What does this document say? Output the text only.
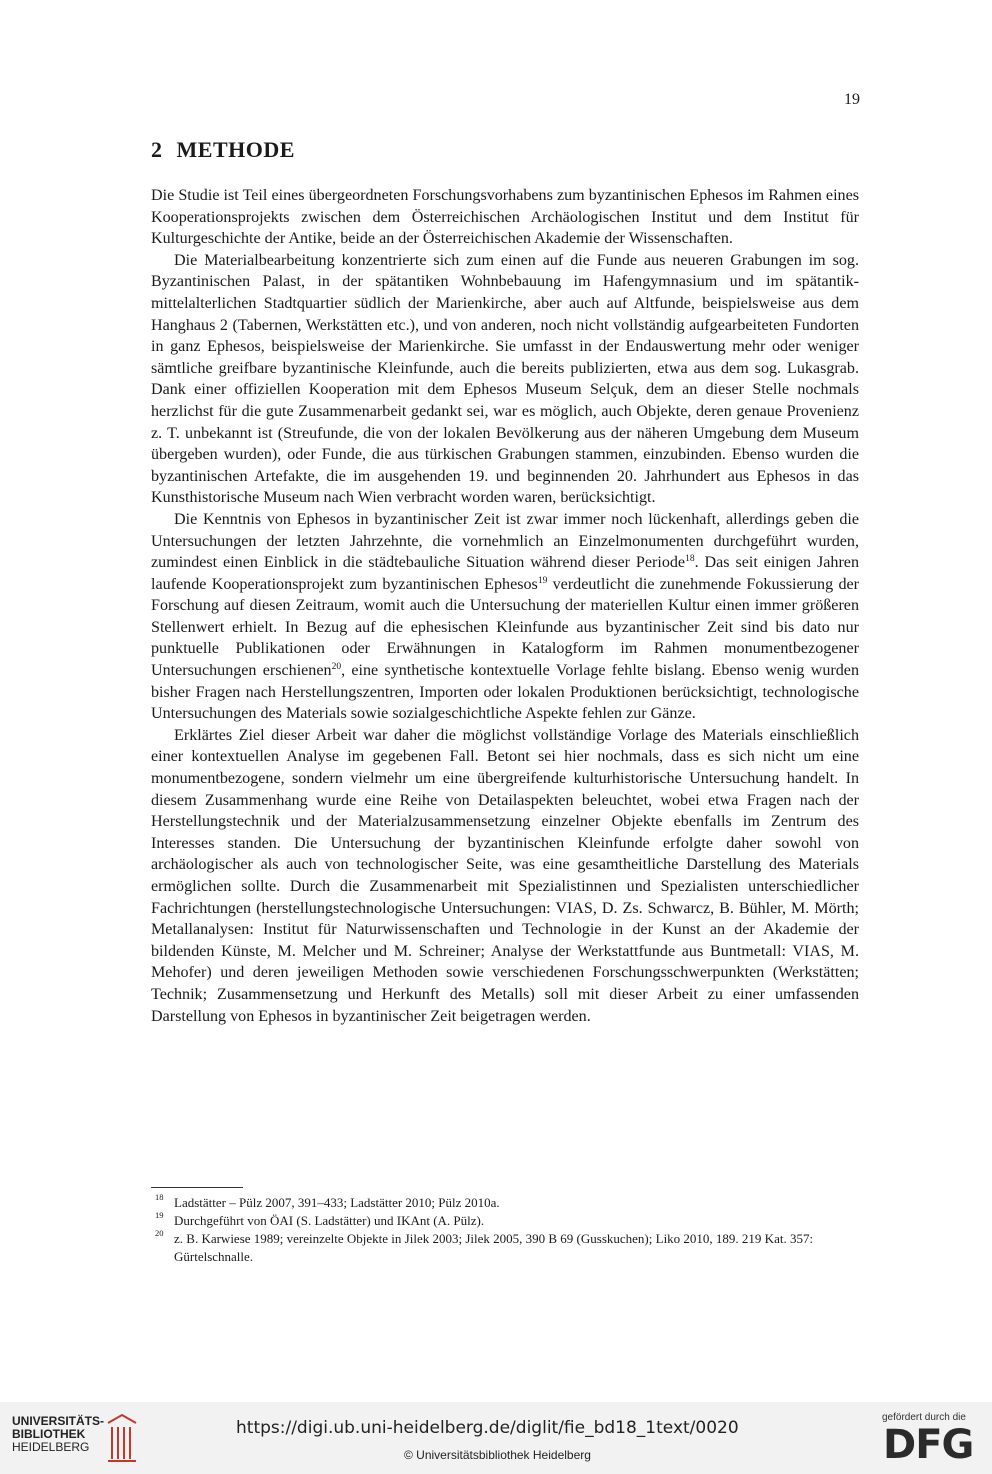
19
2 METHODE

Die Studie ist Teil eines übergeordneten Forschungsvorhabens zum byzantinischen Ephesos im Rahmen eines Kooperationsprojekts zwischen dem Österreichischen Archäologischen Institut und dem Institut für Kulturgeschichte der Antike, beide an der Österreichischen Akademie der Wissenschaften.

Die Materialbearbeitung konzentrierte sich zum einen auf die Funde aus neueren Grabungen im sog. Byzantinischen Palast, in der spätantiken Wohnbebauung im Hafengymnasium und im spätantik-mittelalterlichen Stadtquartier südlich der Marienkirche, aber auch auf Altfunde, beispielsweise aus dem Hanghaus 2 (Tabernen, Werkstätten etc.), und von anderen, noch nicht vollständig aufgearbeiteten Fundorten in ganz Ephesos, beispielsweise der Marienkirche. Sie umfasst in der Endauswertung mehr oder weniger sämtliche greifbare byzantinische Kleinfunde, auch die bereits publizierten, etwa aus dem sog. Lukasgrab. Dank einer offiziellen Kooperation mit dem Ephesos Museum Selçuk, dem an dieser Stelle nochmals herzlichst für die gute Zusammenarbeit gedankt sei, war es möglich, auch Objekte, deren genaue Provenienz z. T. unbekannt ist (Streufunde, die von der lokalen Bevölkerung aus der näheren Umgebung dem Museum übergeben wurden), oder Funde, die aus türkischen Grabungen stammen, einzubinden. Ebenso wurden die byzantinischen Artefakte, die im ausgehenden 19. und beginnenden 20. Jahrhundert aus Ephesos in das Kunsthistorische Museum nach Wien verbracht worden waren, berücksichtigt.

Die Kenntnis von Ephesos in byzantinischer Zeit ist zwar immer noch lückenhaft, allerdings geben die Untersuchungen der letzten Jahrzehnte, die vornehmlich an Einzelmonumenten durchgeführt wurden, zumindest einen Einblick in die städtebauliche Situation während dieser Periode$^{18}$. Das seit einigen Jahren laufende Kooperationsprojekt zum byzantinischen Ephesos$^{19}$ verdeutlicht die zunehmende Fokussierung der Forschung auf diesen Zeitraum, womit auch die Untersuchung der materiellen Kultur einen immer größeren Stellenwert erhielt. In Bezug auf die ephesischen Kleinfunde aus byzantinischer Zeit sind bis dato nur punktuelle Publikationen oder Erwähnungen in Katalogform im Rahmen monumentbezogener Untersuchungen erschienen$^{20}$, eine synthetische kontextuelle Vorlage fehlte bislang. Ebenso wenig wurden bisher Fragen nach Herstellungszentren, Importen oder lokalen Produktionen berücksichtigt, technologische Untersuchungen des Materials sowie sozialgeschichtliche Aspekte fehlen zur Gänze.

Erklärtes Ziel dieser Arbeit war daher die möglichst vollständige Vorlage des Materials einschließlich einer kontextuellen Analyse im gegebenen Fall. Betont sei hier nochmals, dass es sich nicht um eine monumentbezogene, sondern vielmehr um eine übergreifende kulturhistorische Untersuchung handelt. In diesem Zusammenhang wurde eine Reihe von Detailaspekten beleuchtet, wobei etwa Fragen nach der Herstellungstechnik und der Materialzusammensetzung einzelner Objekte ebenfalls im Zentrum des Interesses standen. Die Untersuchung der byzantinischen Kleinfunde erfolgte daher sowohl von archäologischer als auch von technologischer Seite, was eine gesamtheitliche Darstellung des Materials ermöglichen sollte. Durch die Zusammenarbeit mit Spezialistinnen und Spezialisten unterschiedlicher Fachrichtungen (herstellungstechnologische Untersuchungen: VIAS, D. Zs. Schwarcz, B. Bühler, M. Mörth; Metallanalysen: Institut für Naturwissenschaften und Technologie in der Kunst an der Akademie der bildenden Künste, M. Melcher und M. Schreiner; Analyse der Werkstattfunde aus Buntmetall: VIAS, M. Mehofer) und deren jeweiligen Methoden sowie verschiedenen Forschungsschwerpunkten (Werkstätten; Technik; Zusammensetzung und Herkunft des Metalls) soll mit dieser Arbeit zu einer umfassenden Darstellung von Ephesos in byzantinischer Zeit beigetragen werden.

18 Ladstätter – Pülz 2007, 391–433; Ladstätter 2010; Pülz 2010a.
19 Durchgeführt von ÖAI (S. Ladstätter) und IKAnt (A. Pülz).
20 z. B. Karwiese 1989; vereinzelte Objekte in Jilek 2003; Jilek 2005, 390 B 69 (Gusskuchen); Liko 2010, 189. 219 Kat. 357: Gürtelschnalle.
UNIVERSITÄTS-
BIBLIOTHEK
HEIDELBERG
https://digi.ub.uni-heidelberg.de/diglit/fie_bd18_1text/0020
© Universitätsbibliothek Heidelberg
gefördert durch die
DFG
